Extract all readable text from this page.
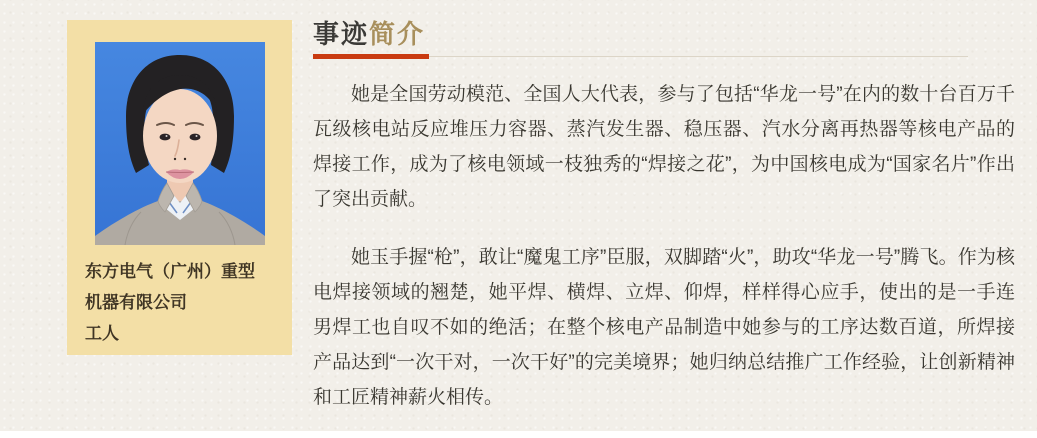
东方电气（广州）重型
机器有限公司
工人
事迹简介

她是全国劳动模范、全国人大代表，参与了包括“华龙一号”在内的数十台百万千瓦级核电站反应堆压力容器、蒸汽发生器、稳压器、汽水分离再热器等核电产品的焊接工作，成为了核电领域一枝独秀的“焊接之花”，为中国核电成为“国家名片”作出了突出贡献。

她玉手握“枪”，敢让“魔鬼工序”臣服，双脚踏“火”，助攻“华龙一号”腾飞。作为核电焊接领域的翘楚，她平焊、横焊、立焊、仰焊，样样得心应手，使出的是一手连男焊工也自叹不如的绝活；在整个核电产品制造中她参与的工序达数百道，所焊接产品达到“一次干对，一次干好”的完美境界；她归纳总结推广工作经验，让创新精神和工匠精神薪火相传。
